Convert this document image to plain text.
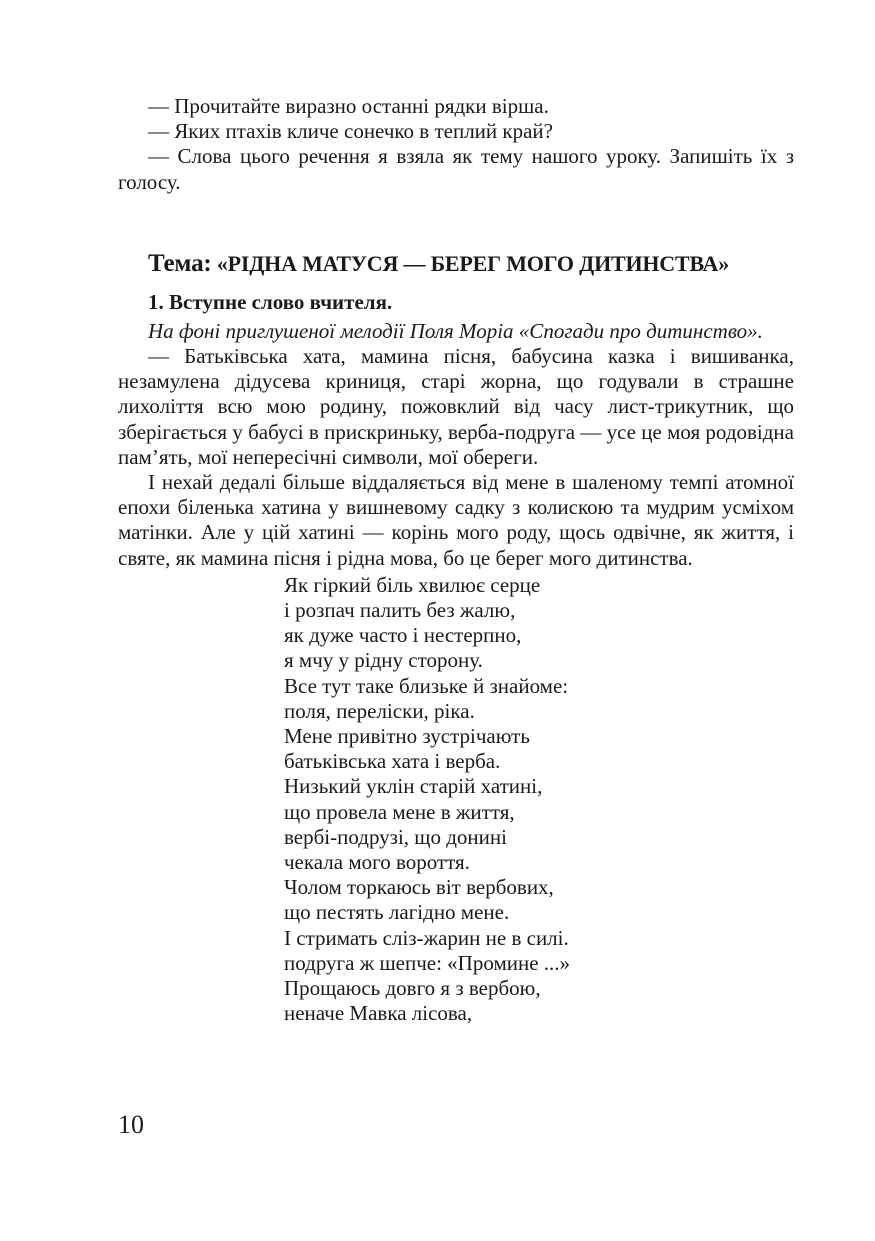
— Прочитайте виразно останні рядки вірша.

— Яких птахів кличе сонечко в теплий край?

— Слова цього речення я взяла як тему нашого уроку. Запишіть їх з голосу.

Тема: «РІДНА МАТУСЯ — БЕРЕГ МОГО ДИТИНСТВА»
1. Вступне слово вчителя.

На фоні приглушеної мелодії Поля Моріа «Спогади про дитинство».

— Батьківська хата, мамина пісня, бабусина казка і вишиванка, незамулена дідусева криниця, старі жорна, що годували в страшне лихоліття всю мою родину, пожовклий від часу лист-трикутник, що зберігається у бабусі в прискриньку, верба-подруга — усе це моя родовідна пам’ять, мої непересічні символи, мої обереги.

І нехай дедалі більше віддаляється від мене в шаленому темпі атомної епохи біленька хатина у вишневому садку з колискою та мудрим усміхом матінки. Але у цій хатині — корінь мого роду, щось одвічне, як життя, і святе, як мамина пісня і рідна мова, бо це берег мого дитинства.

Як гіркий біль хвилює серце
і розпач палить без жалю,
як дуже часто і нестерпно,
я мчу у рідну сторону.
Все тут таке близьке й знайоме:
поля, переліски, ріка.
Мене привітно зустрічають
батьківська хата і верба.
Низький уклін старій хатині,
що провела мене в життя,
вербі-подрузі, що донині
чекала мого вороття.
Чолом торкаюсь віт вербових,
що пестять лагідно мене.
І стримать сліз-жарин не в силі.
подруга ж шепче: «Промине ...»
Прощаюсь довго я з вербою,
неначе Мавка лісова,
10
